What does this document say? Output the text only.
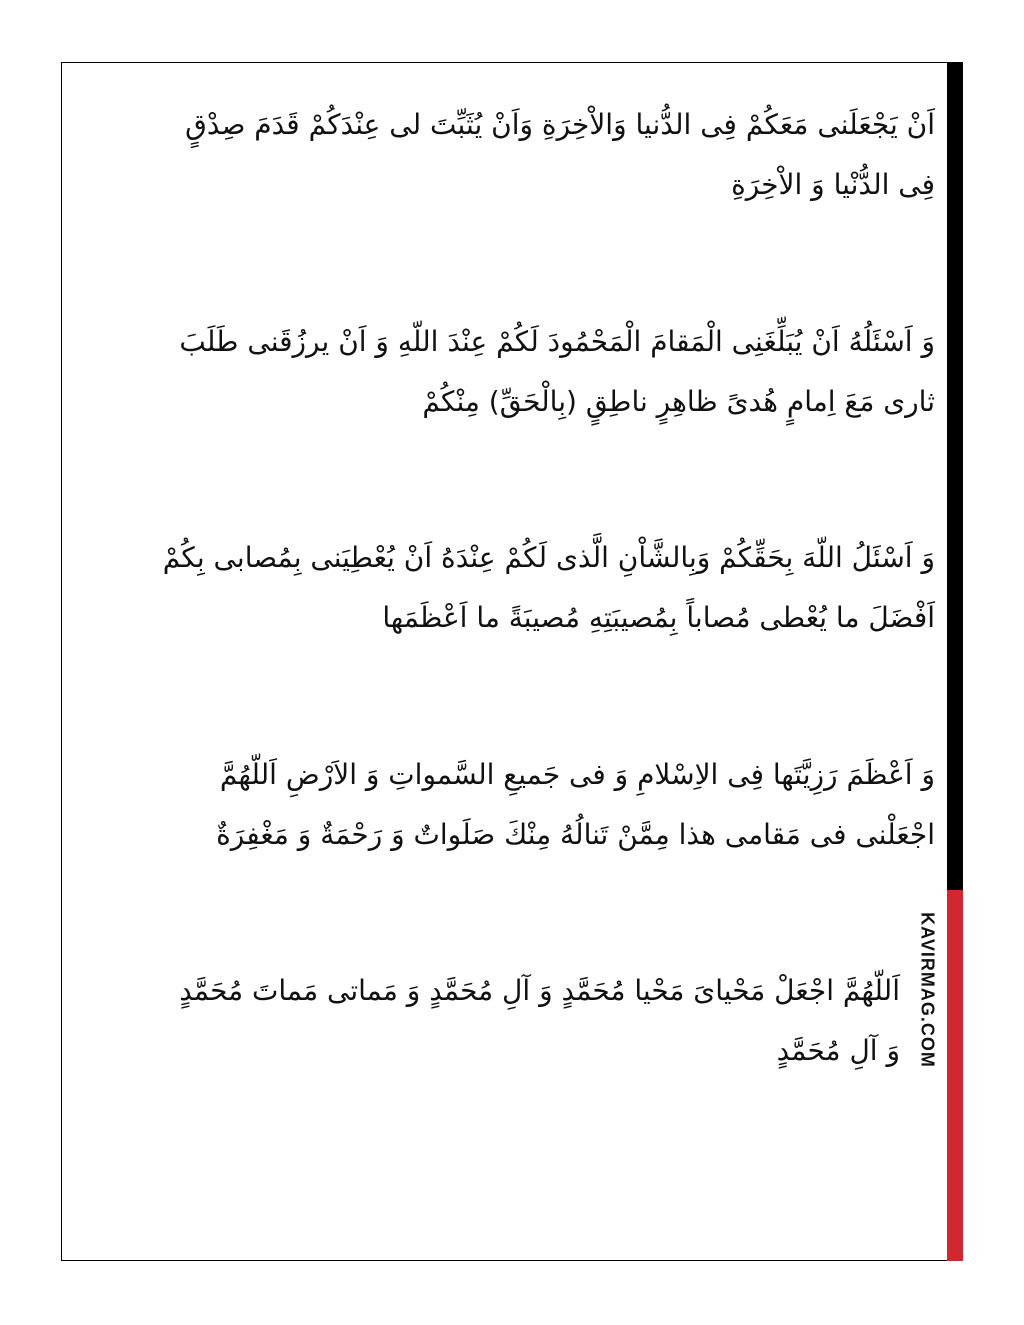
KAVIRMAG.COM
اَنْ يَجْعَلَنى مَعَكُمْ فِى الدُّنيا وَالاْخِرَةِ وَاَنْ يُثَبِّتَ لى عِنْدَكُمْ قَدَمَ صِدْقٍ
فِى الدُّنْيا وَ الاْخِرَةِ
وَ اَسْئَلُهُ اَنْ يُبَلِّغَنِى الْمَقامَ الْمَحْمُودَ لَكُمْ عِنْدَ اللّهِ وَ اَنْ يرزُقَنى طَلَبَ
ثارى مَعَ اِمامٍ هُدىً ظاهِرٍ ناطِقٍ (بِالْحَقِّ) مِنْكُمْ
وَ اَسْئَلُ اللّهَ بِحَقِّكُمْ وَبِالشَّاْنِ الَّذى لَكُمْ عِنْدَهُ اَنْ يُعْطِيَنى بِمُصابى بِكُمْ
اَفْضَلَ ما يُعْطى مُصاباً بِمُصيبَتِهِ مُصيبَةً ما اَعْظَمَها
وَ اَعْظَمَ رَزِيَّتَها فِى الاِسْلامِ وَ فى جَميعِ السَّمواتِ وَ الاَرْضِ اَللّهُمَّ
اجْعَلْنى فى مَقامى هذا مِمَّنْ تَنالُهُ مِنْكَ صَلَواتٌ وَ رَحْمَةٌ وَ مَغْفِرَةٌ
اَللّهُمَّ اجْعَلْ مَحْياىَ مَحْيا مُحَمَّدٍ وَ آلِ مُحَمَّدٍ وَ مَماتى مَماتَ مُحَمَّدٍ
وَ آلِ مُحَمَّدٍ
